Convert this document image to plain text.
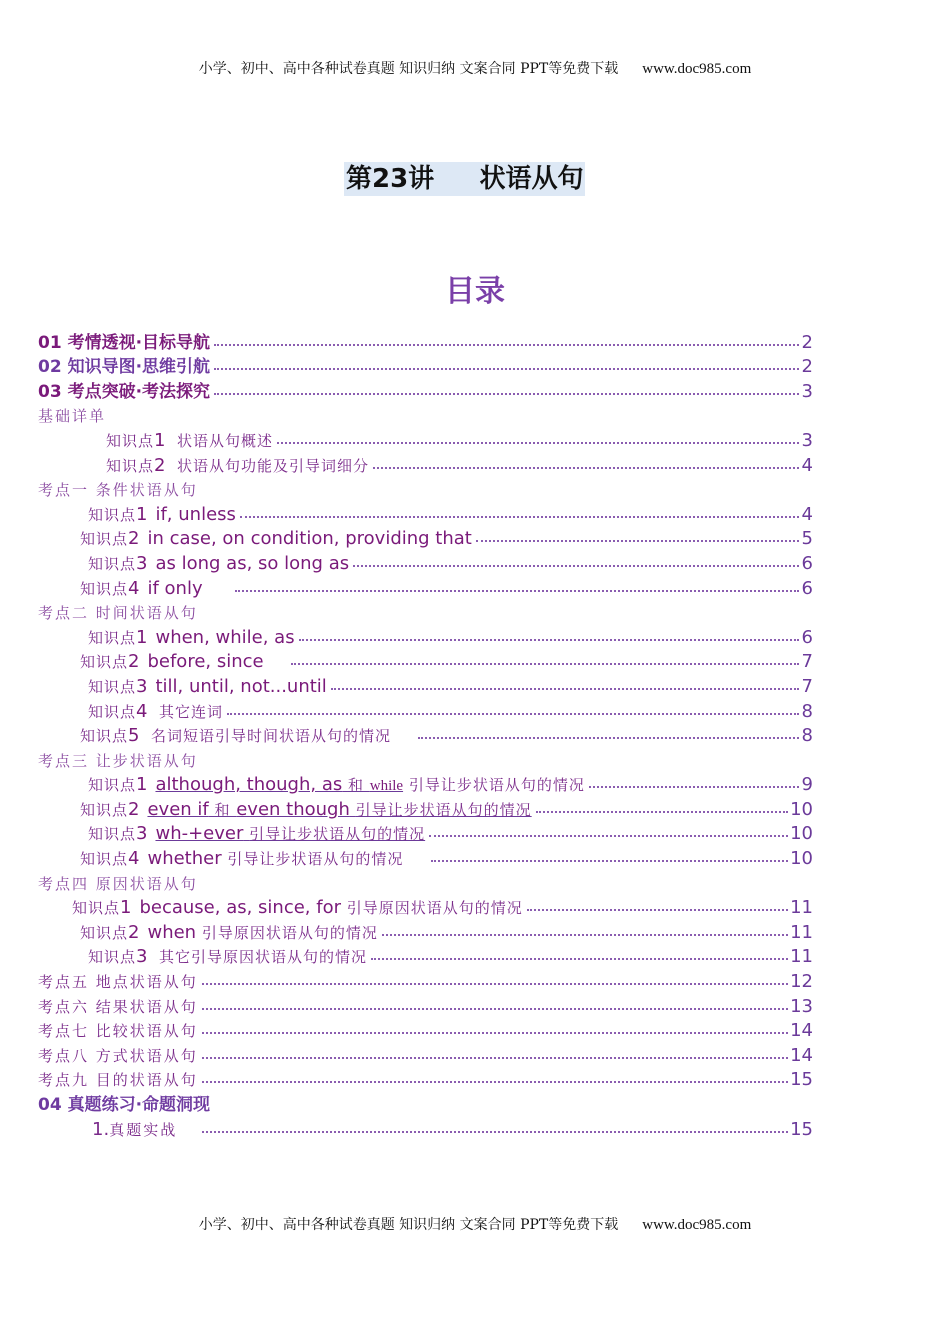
小学、初中、高中各种试卷真题 知识归纳 文案合同 PPT等免费下载 www.doc985.com
第23讲     状语从句
目录
01 考情透视·目标导航	2
02 知识导图·思维引航	2
03 考点突破·考法探究	3
基础详单
知识点1 状语从句概述	3
知识点2 状语从句功能及引导词细分	4
考点一 条件状语从句
知识点1 if, unless	4
知识点2 in case, on condition, providing that	5
知识点3 as long as, so long as	6
知识点4 if only	6
考点二 时间状语从句
知识点1 when, while, as	6
知识点2 before, since	7
知识点3 till, until, not...until	7
知识点4 其它连词	8
知识点5 名词短语引导时间状语从句的情况	8
考点三 让步状语从句
知识点1 although, though, as 和 while 引导让步状语从句的情况	9
知识点2 even if 和 even though 引导让步状语从句的情况	10
知识点3 wh-+ever 引导让步状语从句的情况	10
知识点4 whether 引导让步状语从句的情况	10
考点四 原因状语从句
知识点1 because, as, since, for 引导原因状语从句的情况	11
知识点2 when 引导原因状语从句的情况	11
知识点3 其它引导原因状语从句的情况	11
考点五 地点状语从句	12
考点六 结果状语从句	13
考点七 比较状语从句	14
考点八 方式状语从句	14
考点九 目的状语从句	15
04 真题练习·命题洞现
1.真题实战	15
小学、初中、高中各种试卷真题 知识归纳 文案合同 PPT等免费下载 www.doc985.com
